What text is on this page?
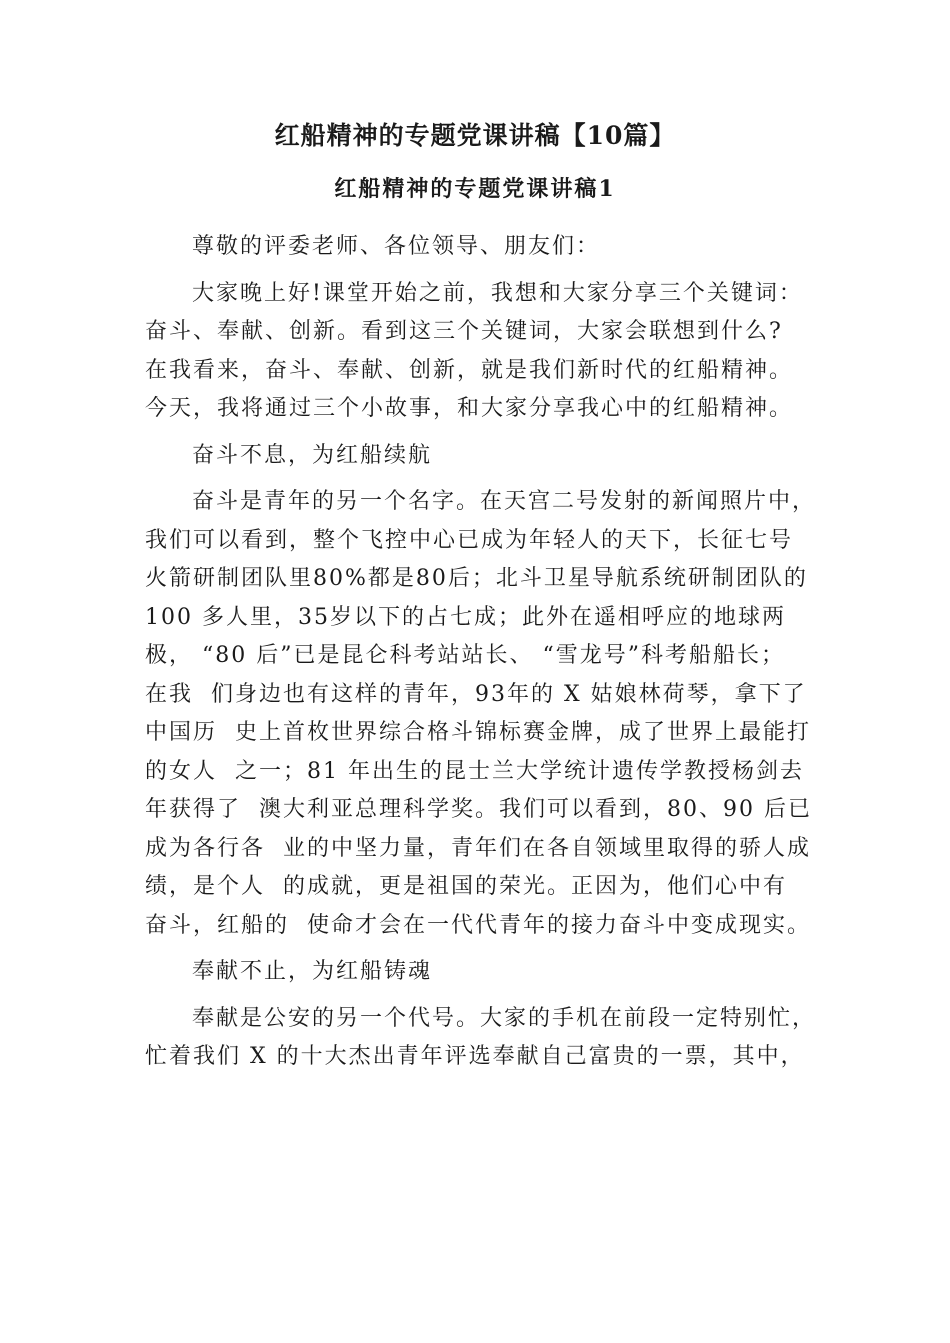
红船精神的专题党课讲稿【10篇】
红船精神的专题党课讲稿1

尊敬的评委老师、各位领导、朋友们：

大家晚上好!课堂开始之前，我想和大家分享三个关键词：

奋斗、奉献、创新。看到这三个关键词，大家会联想到什么?

在我看来，奋斗、奉献、创新，就是我们新时代的红船精神。

今天，我将通过三个小故事，和大家分享我心中的红船精神。

奋斗不息，为红船续航

奋斗是青年的另一个名字。在天宫二号发射的新闻照片中，

我们可以看到，整个飞控中心已成为年轻人的天下，长征七号

火箭研制团队里80%都是80后；北斗卫星导航系统研制团队的

100 多人里，35岁以下的占七成；此外在遥相呼应的地球两

极， “80 后”已是昆仑科考站站长、 “雪龙号”科考船船长；

在我  们身边也有这样的青年，93年的 X 姑娘林荷琴，拿下了

中国历  史上首枚世界综合格斗锦标赛金牌，成了世界上最能打

的女人  之一；81 年出生的昆士兰大学统计遗传学教授杨剑去

年获得了  澳大利亚总理科学奖。我们可以看到，80、90 后已

成为各行各  业的中坚力量，青年们在各自领域里取得的骄人成

绩，是个人  的成就，更是祖国的荣光。正因为，他们心中有

奋斗，红船的  使命才会在一代代青年的接力奋斗中变成现实。

奉献不止，为红船铸魂

奉献是公安的另一个代号。大家的手机在前段一定特别忙，

忙着我们 X 的十大杰出青年评选奉献自己富贵的一票，其中，
